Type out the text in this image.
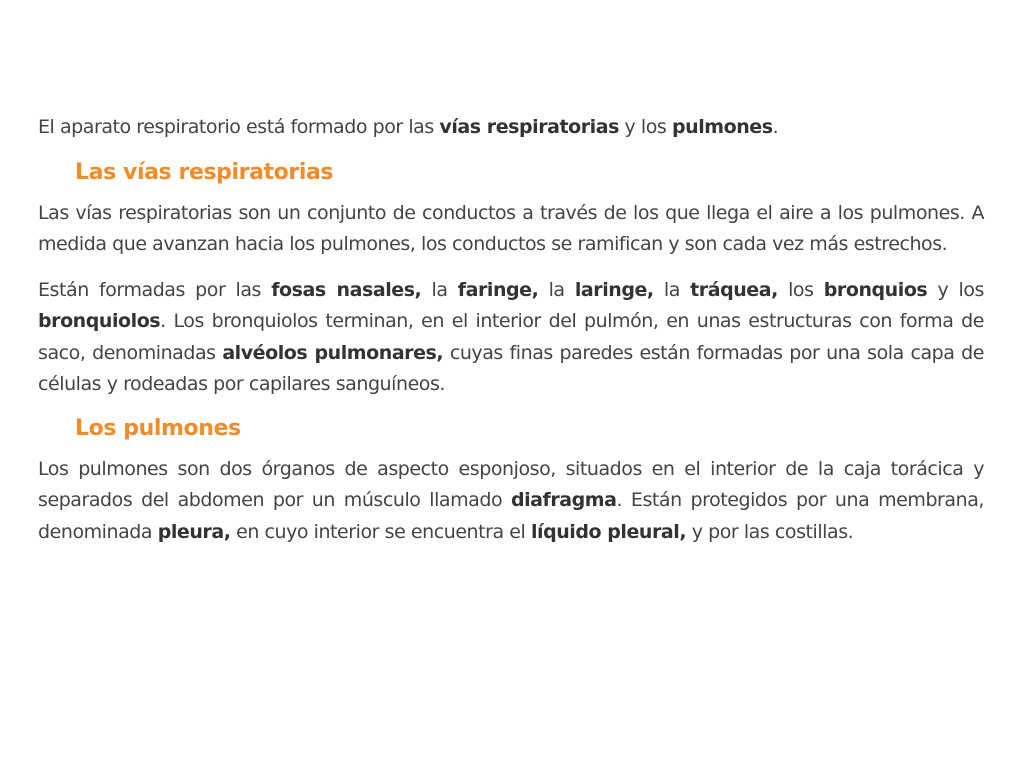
El aparato respiratorio está formado por las vías respiratorias y los pulmones.

Las vías respiratorias

Las vías respiratorias son un conjunto de conductos a través de los que llega el aire a los pulmones. A medida que avanzan hacia los pulmones, los conductos se ramifican y son cada vez más estrechos.

Están formadas por las fosas nasales, la faringe, la laringe, la tráquea, los bronquios y los bronquiolos. Los bronquiolos terminan, en el interior del pulmón, en unas estructuras con forma de saco, denominadas alvéolos pulmonares, cuyas finas paredes están formadas por una sola capa de células y rodeadas por capilares sanguíneos.

Los pulmones

Los pulmones son dos órganos de aspecto esponjoso, situados en el interior de la caja torácica y separados del abdomen por un músculo llamado diafragma. Están protegidos por una membrana, denominada pleura, en cuyo interior se encuentra el líquido pleural, y por las costillas.
